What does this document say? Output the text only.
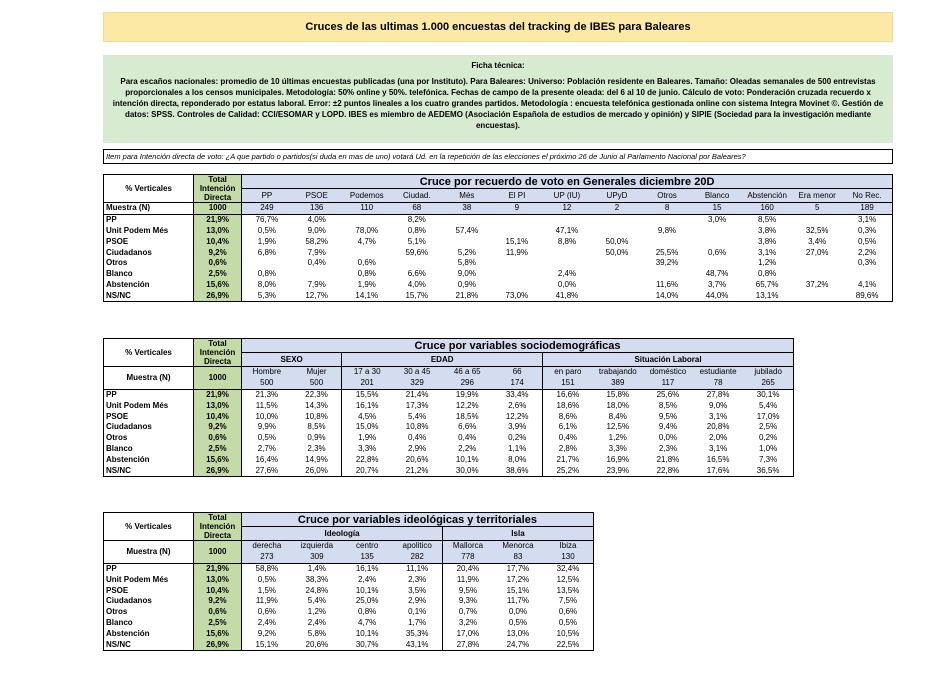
Cruces de las ultimas 1.000 encuestas del tracking de IBES para Baleares
Ficha técnica:
Para escaños nacionales: promedio de 10 últimas encuestas publicadas (una por Instituto). Para Baleares: Universo: Población residente en Baleares. Tamaño: Oleadas semanales de 500 entrevistas proporcionales a los censos municipales. Metodología: 50% online y 50%. telefónica. Fechas de campo de la presente oleada: del 6 al 10 de junio. Cálculo de voto: Ponderación cruzada recuerdo x intención directa, reponderado por estatus laboral. Error: ±2 puntos lineales a los cuatro grandes partidos. Metodología : encuesta telefónica gestionada online con sistema Integra Movinet ©. Gestión de datos: SPSS. Controles de Calidad: CCI/ESOMAR y LOPD. IBES es miembro de AEDEMO (Asociación Española de estudios de mercado y opinión) y SIPIE (Sociedad para la investigación mediante encuestas).
Item para Intención directa de voto: ¿A que partido o partidos(si duda en mas de uno) votará Ud. en la repetición de las elecciones el próximo 26 de Junio al Parlamento Nacional por Baleares?
% Verticales	Total
Intención
Directa	Cruce por recuerdo de voto en Generales diciembre 20D												
		PP	PSOE	Podemos	Ciudad.	Més	El PI	UP (IU)	UPyD	Otros	Blanco	Abstención	Era menor	No Rec.
Muestra (N)	1000	249	136	110	68	38	9	12	2	8	15	160	5	189
PP	21,9%	76,7%	4,0%		8,2%						3,0%	8,5%		3,1%
Unit Podem Més	13,0%	0,5%	9,0%	78,0%	0,8%	57,4%		47,1%		9,8%		3,8%	32,5%	0,3%
PSOE	10,4%	1,9%	58,2%	4,7%	5,1%		15,1%	8,8%	50,0%			3,8%	3,4%	0,5%
Ciudadanos	9,2%	6,8%	7,9%		59,6%	5,2%	11,9%		50,0%	25,5%	0,6%	3,1%	27,0%	2,2%
Otros	0,6%		0,4%	0,6%		5,8%				39,2%		1,2%		0,3%
Blanco	2,5%	0,8%		0,8%	6,6%	9,0%		2,4%			48,7%	0,8%		
Abstención	15,6%	8,0%	7,9%	1,9%	4,0%	0,9%		0,0%		11,6%	3,7%	65,7%	37,2%	4,1%
NS/NC	26,9%	5,3%	12,7%	14,1%	15,7%	21,8%	73,0%	41,8%		14,0%	44,0%	13,1%		89,6%
% Verticales	Total
Intención
Directa	Cruce por variables sociodemográficas										
		SEXO		EDAD				Situación Laboral				
Muestra (N)	1000	Hombre	Mujer	17 a 30	30 a 45	46 a 65	66	en paro	trabajando	doméstico	estudiante	jubilado
		500	500	201	329	296	174	151	389	117	78	265
PP	21,9%	21,3%	22,3%	15,5%	21,4%	19,9%	33,4%	16,6%	15,8%	25,6%	27,8%	30,1%
Unit Podem Més	13,0%	11,5%	14,3%	16,1%	17,3%	12,2%	2,6%	18,6%	18,0%	8,5%	9,0%	5,4%
PSOE	10,4%	10,0%	10,8%	4,5%	5,4%	18,5%	12,2%	8,6%	8,4%	9,5%	3,1%	17,0%
Ciudadanos	9,2%	9,9%	8,5%	15,0%	10,8%	6,6%	3,9%	6,1%	12,5%	9,4%	20,8%	2,5%
Otros	0,6%	0,5%	0,9%	1,9%	0,4%	0,4%	0,2%	0,4%	1,2%	0,0%	2,0%	0,2%
Blanco	2,5%	2,7%	2,3%	3,3%	2,9%	2,2%	1,1%	2,8%	3,3%	2,3%	3,1%	1,0%
Abstención	15,6%	16,4%	14,9%	22,8%	20,6%	10,1%	8,0%	21,7%	16,9%	21,8%	16,5%	7,3%
NS/NC	26,9%	27,6%	26,0%	20,7%	21,2%	30,0%	38,6%	25,2%	23,9%	22,8%	17,6%	36,5%
% Verticales	Total
Intención
Directa	Cruce por variables ideológicas y territoriales						
		Ideología				Isla		
Muestra (N)	1000	derecha	izquierda	centro	apolitico	Mallorca	Menorca	Ibiza
		273	309	135	282	778	83	130
PP	21,9%	58,8%	1,4%	16,1%	11,1%	20,4%	17,7%	32,4%
Unit Podem Més	13,0%	0,5%	38,3%	2,4%	2,3%	11,9%	17,2%	12,5%
PSOE	10,4%	1,5%	24,8%	10,1%	3,5%	9,5%	15,1%	13,5%
Ciudadanos	9,2%	11,9%	5,4%	25,0%	2,9%	9,3%	11,7%	7,5%
Otros	0,6%	0,6%	1,2%	0,8%	0,1%	0,7%	0,0%	0,6%
Blanco	2,5%	2,4%	2,4%	4,7%	1,7%	3,2%	0,5%	0,5%
Abstención	15,6%	9,2%	5,8%	10,1%	35,3%	17,0%	13,0%	10,5%
NS/NC	26,9%	15,1%	20,6%	30,7%	43,1%	27,8%	24,7%	22,5%
